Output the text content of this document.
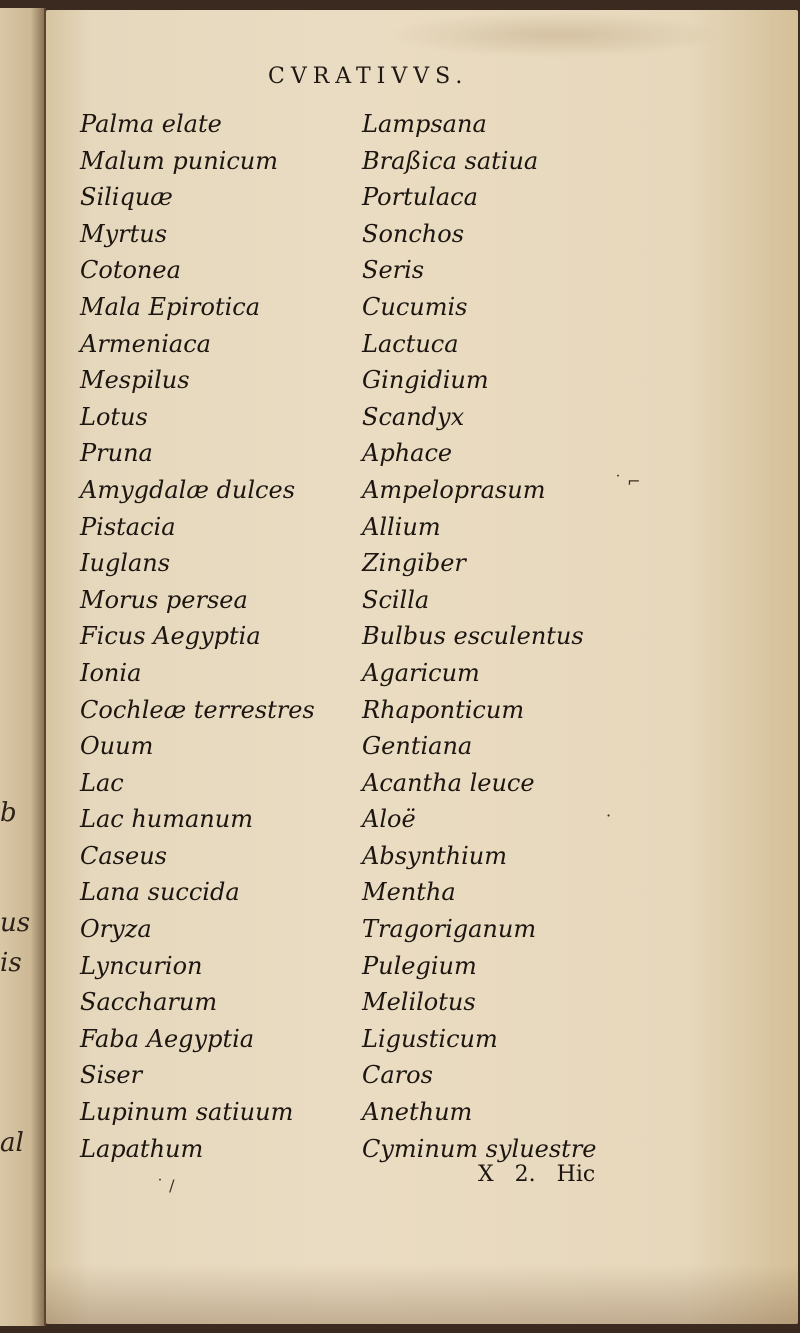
b
us
is
al
CVRATIVVS.
Palma elate
Malum punicum
Siliquæ
Myrtus
Cotonea
Mala Epirotica
Armeniaca
Mespilus
Lotus
Pruna
Amygdalæ dulces
Pistacia
Iuglans
Morus persea
Ficus Aegyptia
Ionia
Cochleæ terrestres
Ouum
Lac
Lac humanum
Caseus
Lana succida
Oryza
Lyncurion
Saccharum
Faba Aegyptia
Siser
Lupinum satiuum
Lapathum
Lampsana
Braßica satiua
Portulaca
Sonchos
Seris
Cucumis
Lactuca
Gingidium
Scandyx
Aphace
Ampeloprasum
Allium
Zingiber
Scilla
Bulbus esculentus
Agaricum
Rhaponticum
Gentiana
Acantha leuce
Aloë
Absynthium
Mentha
Tragoriganum
Pulegium
Melilotus
Ligusticum
Caros
Anethum
Cyminum syluestre
X 2. Hic
˙ ⌐
·
˙ /
